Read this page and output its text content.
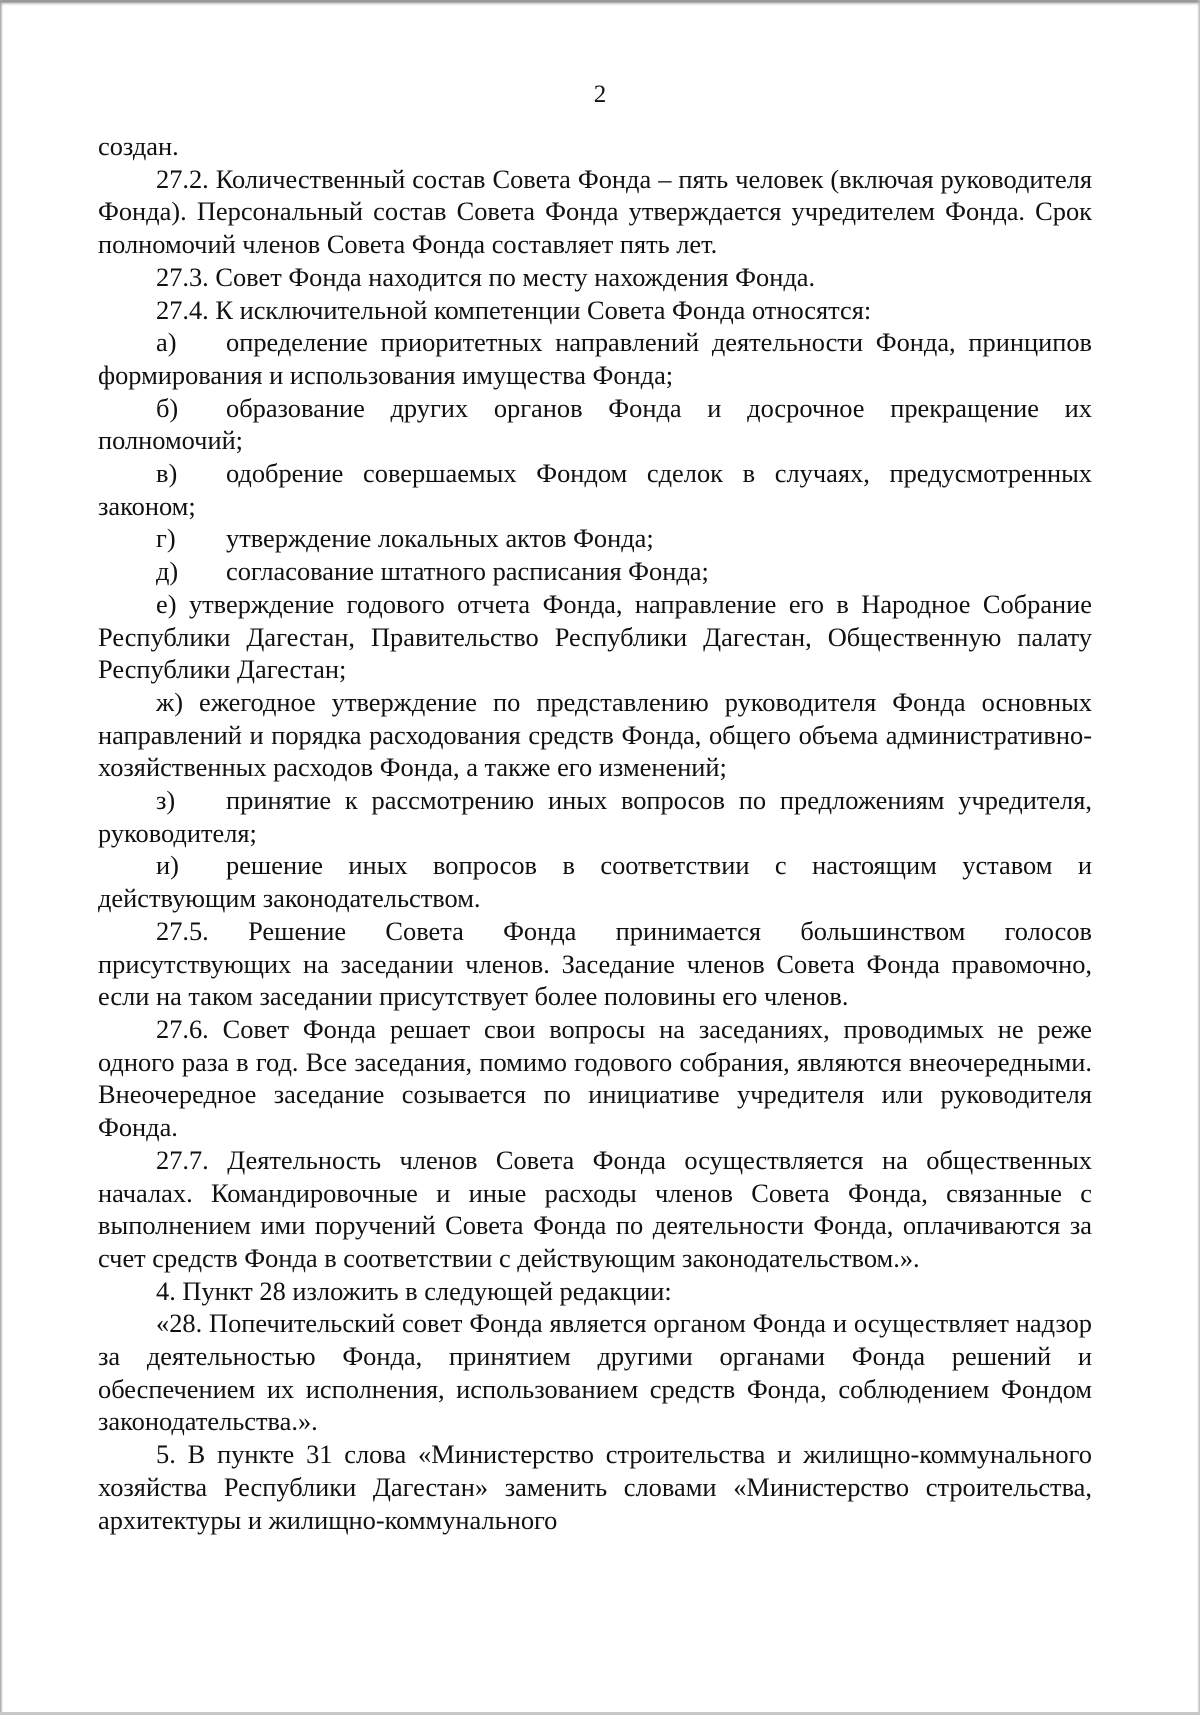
2

создан.

27.2. Количественный состав Совета Фонда – пять человек (включая руководителя Фонда). Персональный состав Совета Фонда утверждается учредителем Фонда. Срок полномочий членов Совета Фонда составляет пять лет.

27.3. Совет Фонда находится по месту нахождения Фонда.

27.4. К исключительной компетенции Совета Фонда относятся:

а) определение приоритетных направлений деятельности Фонда, принципов формирования и использования имущества Фонда;

б) образование других органов Фонда и досрочное прекращение их полномочий;

в) одобрение совершаемых Фондом сделок в случаях, предусмотренных законом;

г) утверждение локальных актов Фонда;

д) согласование штатного расписания Фонда;

е) утверждение годового отчета Фонда, направление его в Народное Собрание Республики Дагестан, Правительство Республики Дагестан, Общественную палату Республики Дагестан;

ж) ежегодное утверждение по представлению руководителя Фонда основных направлений и порядка расходования средств Фонда, общего объема административно-хозяйственных расходов Фонда, а также его изменений;

з) принятие к рассмотрению иных вопросов по предложениям учредителя, руководителя;

и) решение иных вопросов в соответствии с настоящим уставом и действующим законодательством.

27.5. Решение Совета Фонда принимается большинством голосов присутствующих на заседании членов. Заседание членов Совета Фонда правомочно, если на таком заседании присутствует более половины его членов.

27.6. Совет Фонда решает свои вопросы на заседаниях, проводимых не реже одного раза в год. Все заседания, помимо годового собрания, являются внеочередными. Внеочередное заседание созывается по инициативе учредителя или руководителя Фонда.

27.7. Деятельность членов Совета Фонда осуществляется на общественных началах. Командировочные и иные расходы членов Совета Фонда, связанные с выполнением ими поручений Совета Фонда по деятельности Фонда, оплачиваются за счет средств Фонда в соответствии с действующим законодательством.».

4. Пункт 28 изложить в следующей редакции:

«28. Попечительский совет Фонда является органом Фонда и осуществляет надзор за деятельностью Фонда, принятием другими органами Фонда решений и обеспечением их исполнения, использованием средств Фонда, соблюдением Фондом законодательства.».

5. В пункте 31 слова «Министерство строительства и жилищно-коммунального хозяйства Республики Дагестан» заменить словами «Министерство строительства, архитектуры и жилищно-коммунального
